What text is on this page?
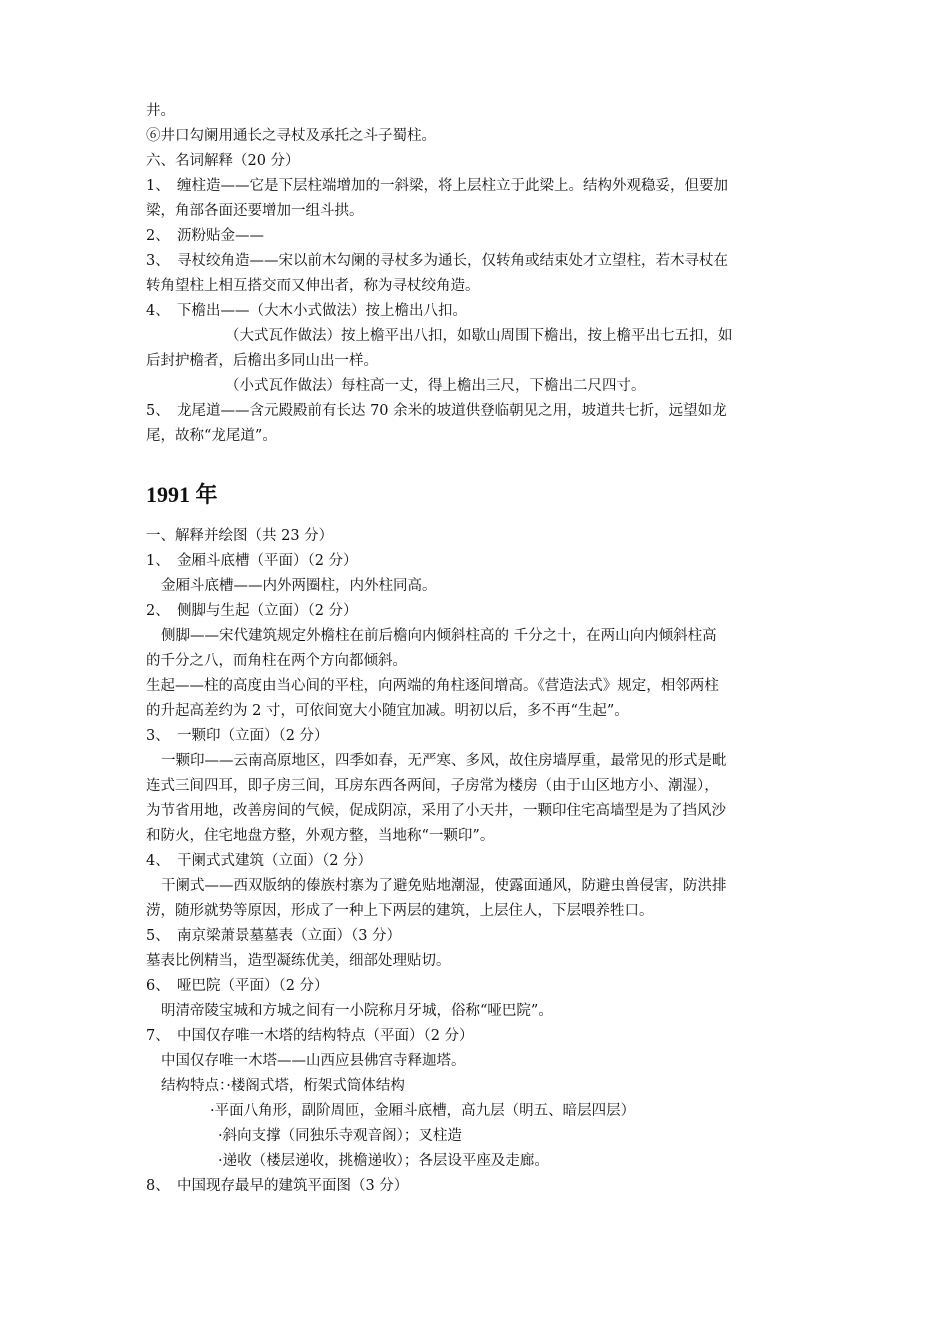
井。
⑥井口勾阑用通长之寻杖及承托之斗子蜀柱。
六、名词解释（20 分）
1、　缠柱造——它是下层柱端增加的一斜梁，将上层柱立于此梁上。结构外观稳妥，但要加
梁，角部各面还要增加一组斗拱。
2、　沥粉贴金——
3、　寻杖绞角造——宋以前木勾阑的寻杖多为通长，仅转角或结束处才立望柱，若木寻杖在
转角望柱上相互搭交而又伸出者，称为寻杖绞角造。
4、　下檐出——（大木小式做法）按上檐出八扣。
（大式瓦作做法）按上檐平出八扣，如歇山周围下檐出，按上檐平出七五扣，如
后封护檐者，后檐出多同山出一样。
（小式瓦作做法）每柱高一丈，得上檐出三尺，下檐出二尺四寸。
5、　龙尾道——含元殿殿前有长达 70 余米的坡道供登临朝见之用，坡道共七折，远望如龙
尾，故称“龙尾道”。
1991 年
一、解释并绘图（共 23 分）
1、　金厢斗底槽（平面）（2 分）
金厢斗底槽——内外两圈柱，内外柱同高。
2、　侧脚与生起（立面）（2 分）
侧脚——宋代建筑规定外檐柱在前后檐向内倾斜柱高的 千分之十，在两山向内倾斜柱高
的千分之八，而角柱在两个方向都倾斜。
生起——柱的高度由当心间的平柱，向两端的角柱逐间增高。《营造法式》规定，相邻两柱
的升起高差约为 2 寸，可依间宽大小随宜加减。明初以后，多不再“生起”。
3、　一颗印（立面）（2 分）
一颗印——云南高原地区，四季如春，无严寒、多风，故住房墙厚重，最常见的形式是毗
连式三间四耳，即子房三间，耳房东西各两间，子房常为楼房（由于山区地方小、潮湿），
为节省用地，改善房间的气候，促成阴凉，采用了小天井，一颗印住宅高墙型是为了挡风沙
和防火，住宅地盘方整，外观方整，当地称“一颗印”。
4、　干阑式式建筑（立面）（2 分）
干阑式——西双版纳的傣族村寨为了避免贴地潮湿，使露面通风，防避虫兽侵害，防洪排
涝，随形就势等原因，形成了一种上下两层的建筑，上层住人，下层喂养牲口。
5、　南京梁萧景墓墓表（立面）（3 分）
墓表比例精当，造型凝练优美，细部处理贴切。
6、　哑巴院（平面）（2 分）
明清帝陵宝城和方城之间有一小院称月牙城，俗称“哑巴院”。
7、　中国仅存唯一木塔的结构特点（平面）（2 分）
中国仅存唯一木塔——山西应县佛宫寺释迦塔。
结构特点：·楼阁式塔，桁架式筒体结构
·平面八角形，副阶周匝，金厢斗底槽，高九层（明五、暗层四层）
·斜向支撑（同独乐寺观音阁）；叉柱造
·递收（楼层递收，挑檐递收）；各层设平座及走廊。
8、　中国现存最早的建筑平面图（3 分）
